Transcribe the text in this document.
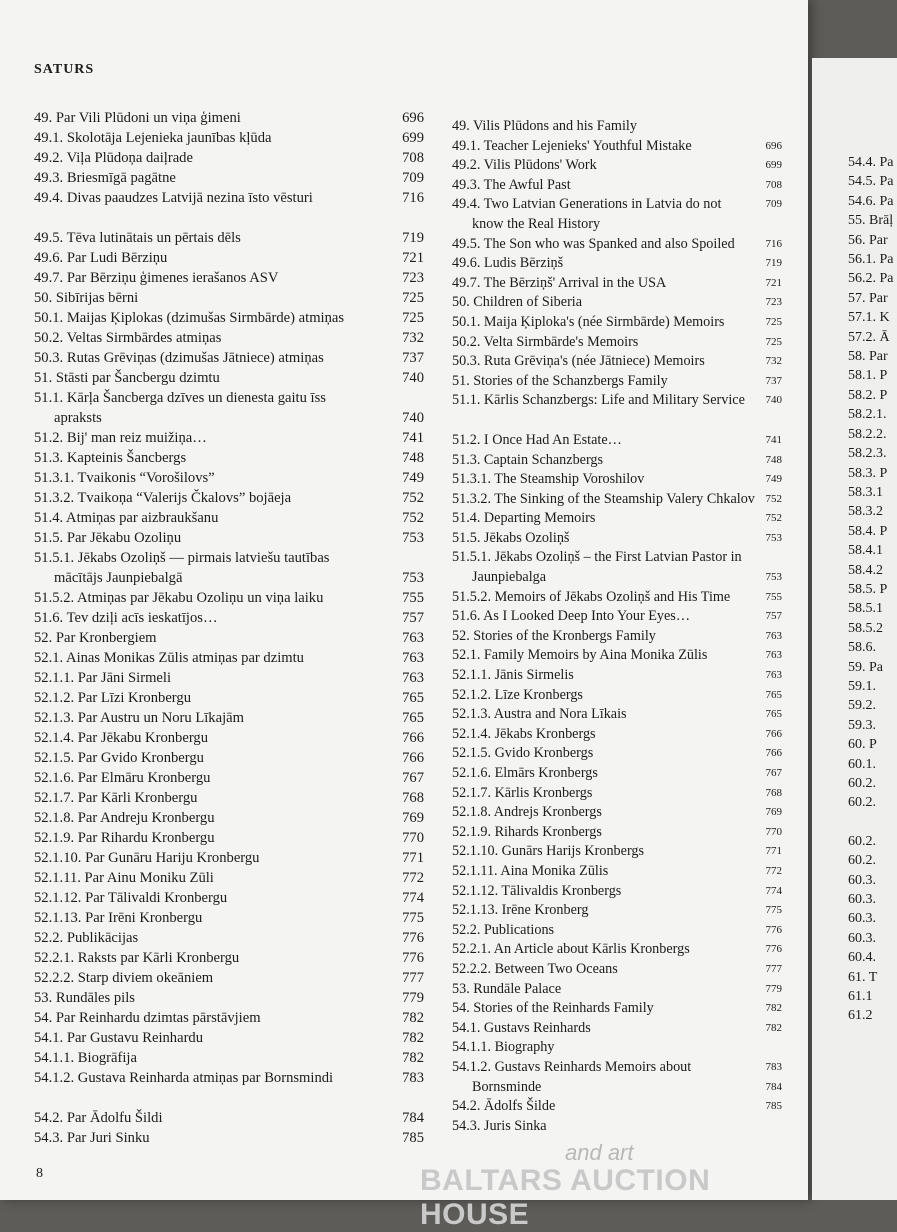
SATURS
49. Par Vili Plūdoni un viņa ģimeni	696
49.1. Skolotāja Lejenieka jaunības kļūda	699
49.2. Viļa Plūdoņa daiļrade	708
49.3. Briesmīgā pagātne	709
49.4. Divas paaudzes Latvijā nezina īsto vēsturi	716
49.5. Tēva lutinātais un pērtais dēls	719
49.6. Par Ludi Bērziņu	721
49.7. Par Bērziņu ģimenes ierašanos ASV	723
50. Sibīrijas bērni	725
50.1. Maijas Ķiplokas (dzimušas Sirmbārde) atmiņas	725
50.2. Veltas Sirmbārdes atmiņas	732
50.3. Rutas Grēviņas (dzimušas Jātniece) atmiņas	737
51. Stāsti par Šancbergu dzimtu	740
51.1. Kārļa Šancberga dzīves un dienesta gaitu īss
apraksts	740
51.2. Bij' man reiz muižiņa…	741
51.3. Kapteinis Šancbergs	748
51.3.1. Tvaikonis “Vorošilovs”	749
51.3.2. Tvaikoņa “Valerijs Čkalovs” bojāeja	752
51.4. Atmiņas par aizbraukšanu	752
51.5. Par Jēkabu Ozoliņu	753
51.5.1. Jēkabs Ozoliņš — pirmais latviešu tautības
mācītājs Jaunpiebalgā	753
51.5.2. Atmiņas par Jēkabu Ozoliņu un viņa laiku	755
51.6. Tev dziļi acīs ieskatījos…	757
52. Par Kronbergiem	763
52.1. Ainas Monikas Zūlis atmiņas par dzimtu	763
52.1.1. Par Jāni Sirmeli	763
52.1.2. Par Līzi Kronbergu	765
52.1.3. Par Austru un Noru Līkajām	765
52.1.4. Par Jēkabu Kronbergu	766
52.1.5. Par Gvido Kronbergu	766
52.1.6. Par Elmāru Kronbergu	767
52.1.7. Par Kārli Kronbergu	768
52.1.8. Par Andreju Kronbergu	769
52.1.9. Par Rihardu Kronbergu	770
52.1.10. Par Gunāru Hariju Kronbergu	771
52.1.11. Par Ainu Moniku Zūli	772
52.1.12. Par Tālivaldi Kronbergu	774
52.1.13. Par Irēni Kronbergu	775
52.2. Publikācijas	776
52.2.1. Raksts par Kārli Kronbergu	776
52.2.2. Starp diviem okeāniem	777
53. Rundāles pils	779
54. Par Reinhardu dzimtas pārstāvjiem	782
54.1. Par Gustavu Reinhardu	782
54.1.1. Biogrāfija	782
54.1.2. Gustava Reinharda atmiņas par Bornsmindi	783
54.2. Par Ādolfu Šildi	784
54.3. Par Juri Sinku	785
49. Vilis Plūdons and his Family
49.1. Teacher Lejenieks' Youthful Mistake	696
49.2. Vilis Plūdons' Work	699
49.3. The Awful Past	708
49.4. Two Latvian Generations in Latvia do not	709
know the Real History
49.5. The Son who was Spanked and also Spoiled	716
49.6. Ludis Bērziņš	719
49.7. The Bērziņš' Arrival in the USA	721
50. Children of Siberia	723
50.1. Maija Ķiploka's (née Sirmbārde) Memoirs	725
50.2. Velta Sirmbārde's Memoirs	725
50.3. Ruta Grēviņa's (née Jātniece) Memoirs	732
51. Stories of the Schanzbergs Family	737
51.1. Kārlis Schanzbergs: Life and Military Service	740
51.2. I Once Had An Estate…	741
51.3. Captain Schanzbergs	748
51.3.1. The Steamship Voroshilov	749
51.3.2. The Sinking of the Steamship Valery Chkalov 752
51.4. Departing Memoirs	752
51.5. Jēkabs Ozoliņš	753
51.5.1. Jēkabs Ozoliņš – the First Latvian Pastor in
Jaunpiebalga	753
51.5.2. Memoirs of Jēkabs Ozoliņš and His Time	755
51.6. As I Looked Deep Into Your Eyes…	757
52. Stories of the Kronbergs Family	763
52.1. Family Memoirs by Aina Monika Zūlis	763
52.1.1. Jānis Sirmelis	763
52.1.2. Līze Kronbergs	765
52.1.3. Austra and Nora Līkais	765
52.1.4. Jēkabs Kronbergs	766
52.1.5. Gvido Kronbergs	766
52.1.6. Elmārs Kronbergs	767
52.1.7. Kārlis Kronbergs	768
52.1.8. Andrejs Kronbergs	769
52.1.9. Rihards Kronbergs	770
52.1.10. Gunārs Harijs Kronbergs	771
52.1.11. Aina Monika Zūlis	772
52.1.12. Tālivaldis Kronbergs	774
52.1.13. Irēne Kronberg	775
52.2. Publications	776
52.2.1. An Article about Kārlis Kronbergs	776
52.2.2. Between Two Oceans	777
53. Rundāle Palace	779
54. Stories of the Reinhards Family	782
54.1. Gustavs Reinhards	782
54.1.1. Biography
54.1.2. Gustavs Reinhards Memoirs about	783
Bornsminde	784
54.2. Ādolfs Šilde	785
54.3. Juris Sinka
8
54.4. Pa
54.5. Pa
54.6. Pa
55. Brāļ
56. Par
56.1. Pa
56.2. Pa
57. Par
57.1. K
57.2. Ā
58. Par
58.1. P
58.2. P
58.2.1.
58.2.2.
58.2.3.
58.3. P
58.3.1
58.3.2
58.4. P
58.4.1
58.4.2
58.5. P
58.5.1
58.5.2
58.6.
59. Pa
59.1.
59.2.
59.3.
60. P
60.1.
60.2.
60.2.
60.2.
60.2.
60.3.
60.3.
60.3.
60.3.
60.4.
61. T
61.1
61.2
and art
BALTARS AUCTION HOUSE
